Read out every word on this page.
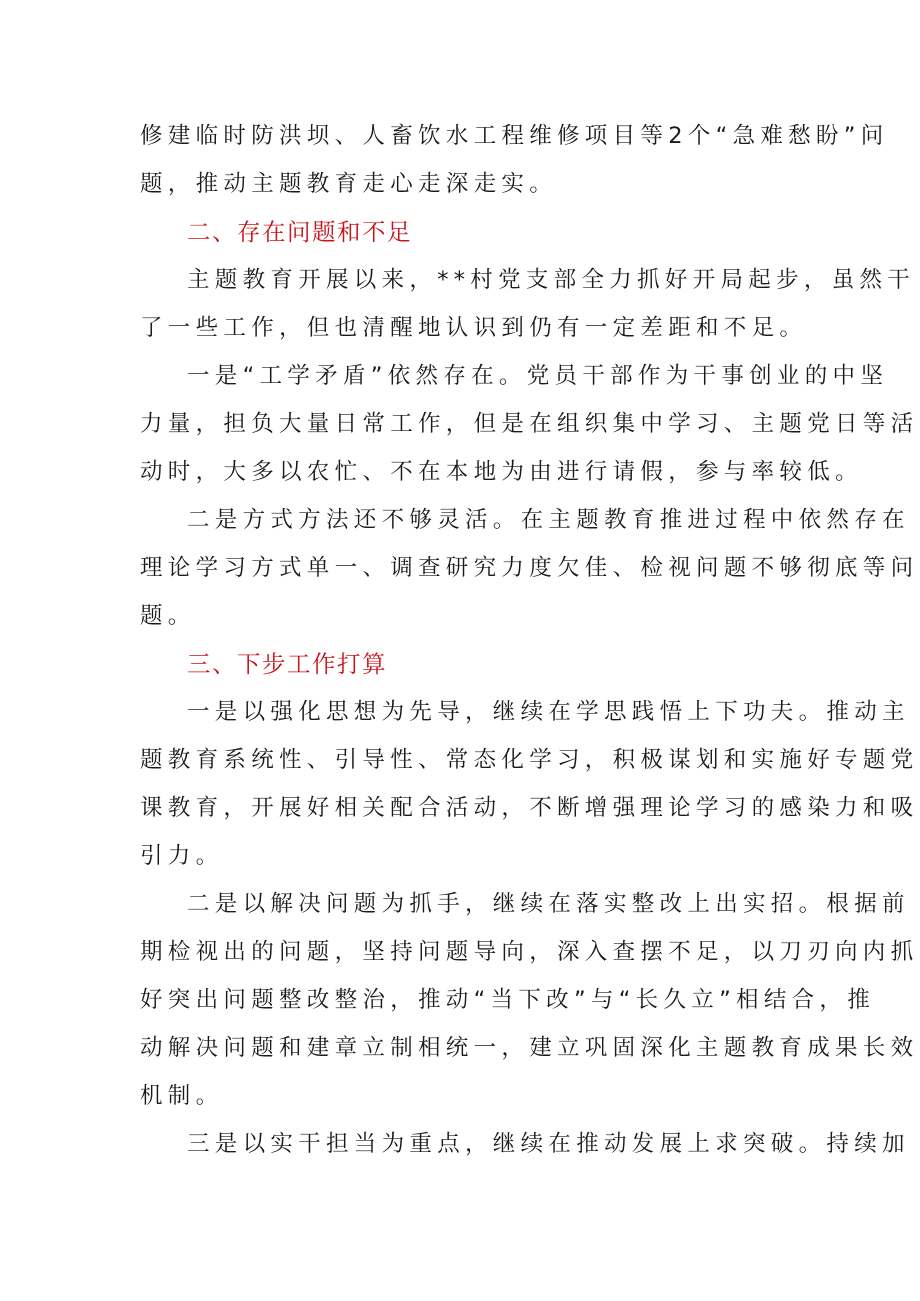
修建临时防洪坝、人畜饮水工程维修项目等2个“急难愁盼”问
题，推动主题教育走心走深走实。
二、存在问题和不足
主题教育开展以来，**村党支部全力抓好开局起步，虽然干
了一些工作，但也清醒地认识到仍有一定差距和不足。
一是“工学矛盾”依然存在。党员干部作为干事创业的中坚
力量，担负大量日常工作，但是在组织集中学习、主题党日等活
动时，大多以农忙、不在本地为由进行请假，参与率较低。
二是方式方法还不够灵活。在主题教育推进过程中依然存在
理论学习方式单一、调查研究力度欠佳、检视问题不够彻底等问
题。
三、下步工作打算
一是以强化思想为先导，继续在学思践悟上下功夫。推动主
题教育系统性、引导性、常态化学习，积极谋划和实施好专题党
课教育，开展好相关配合活动，不断增强理论学习的感染力和吸
引力。
二是以解决问题为抓手，继续在落实整改上出实招。根据前
期检视出的问题，坚持问题导向，深入查摆不足，以刀刃向内抓
好突出问题整改整治，推动“当下改”与“长久立”相结合，推
动解决问题和建章立制相统一，建立巩固深化主题教育成果长效
机制。
三是以实干担当为重点，继续在推动发展上求突破。持续加
